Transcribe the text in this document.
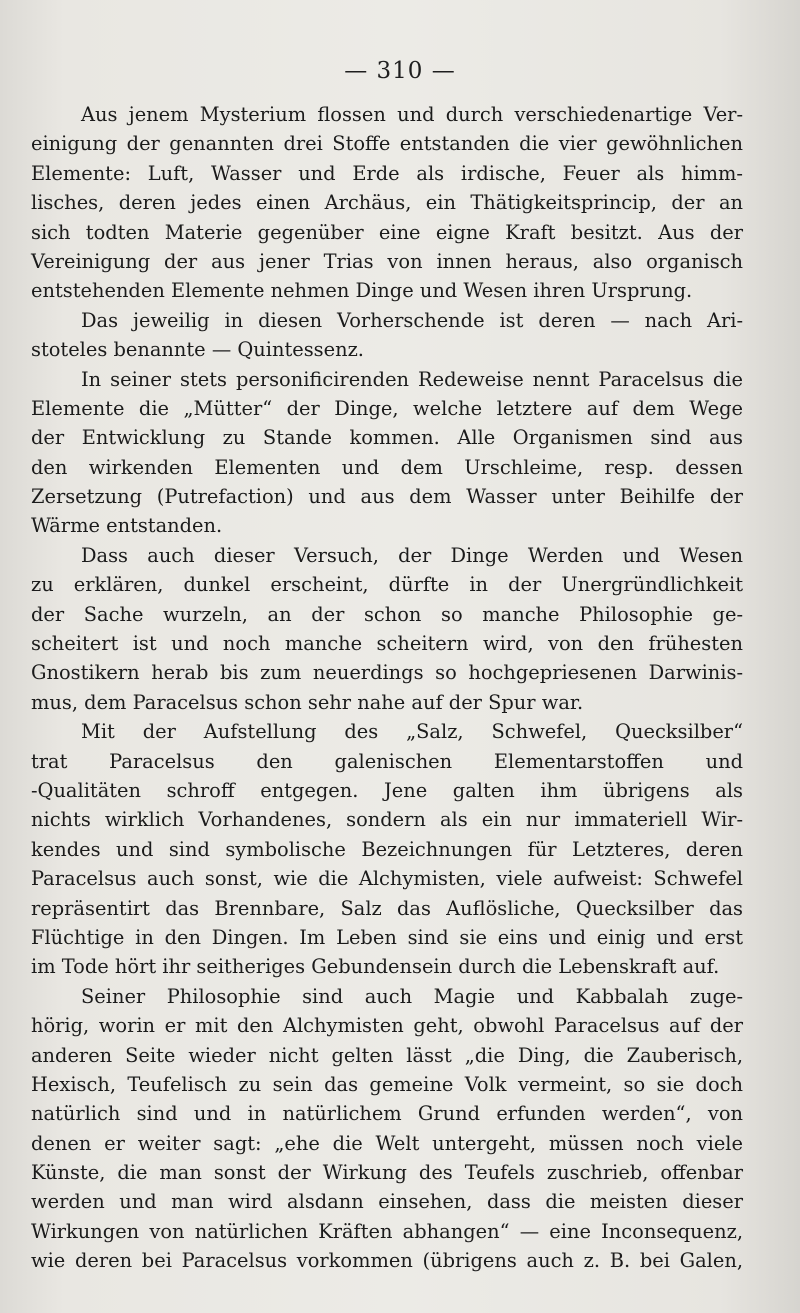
— 310 —
Aus jenem Mysterium flossen und durch verschiedenartige Ver-
einigung der genannten drei Stoffe entstanden die vier gewöhnlichen
Elemente: Luft, Wasser und Erde als irdische, Feuer als himm-
lisches, deren jedes einen Archäus, ein Thätigkeitsprincip, der an
sich todten Materie gegenüber eine eigne Kraft besitzt. Aus der
Vereinigung der aus jener Trias von innen heraus, also organisch
entstehenden Elemente nehmen Dinge und Wesen ihren Ursprung.
Das jeweilig in diesen Vorherschende ist deren — nach Ari-
stoteles benannte — Quintessenz.
In seiner stets personificirenden Redeweise nennt Paracelsus die
Elemente die „Mütter“ der Dinge, welche letztere auf dem Wege
der Entwicklung zu Stande kommen. Alle Organismen sind aus
den wirkenden Elementen und dem Urschleime, resp. dessen
Zersetzung (Putrefaction) und aus dem Wasser unter Beihilfe der
Wärme entstanden.
Dass auch dieser Versuch, der Dinge Werden und Wesen
zu erklären, dunkel erscheint, dürfte in der Unergründlichkeit
der Sache wurzeln, an der schon so manche Philosophie ge-
scheitert ist und noch manche scheitern wird, von den frühesten
Gnostikern herab bis zum neuerdings so hochgepriesenen Darwinis-
mus, dem Paracelsus schon sehr nahe auf der Spur war.
Mit der Aufstellung des „Salz, Schwefel, Quecksilber“
trat Paracelsus den galenischen Elementarstoffen und
-Qualitäten schroff entgegen. Jene galten ihm übrigens als
nichts wirklich Vorhandenes, sondern als ein nur immateriell Wir-
kendes und sind symbolische Bezeichnungen für Letzteres, deren
Paracelsus auch sonst, wie die Alchymisten, viele aufweist: Schwefel
repräsentirt das Brennbare, Salz das Auflösliche, Quecksilber das
Flüchtige in den Dingen. Im Leben sind sie eins und einig und erst
im Tode hört ihr seitheriges Gebundensein durch die Lebenskraft auf.
Seiner Philosophie sind auch Magie und Kabbalah zuge-
hörig, worin er mit den Alchymisten geht, obwohl Paracelsus auf der
anderen Seite wieder nicht gelten lässt „die Ding, die Zauberisch,
Hexisch, Teufelisch zu sein das gemeine Volk vermeint, so sie doch
natürlich sind und in natürlichem Grund erfunden werden“, von
denen er weiter sagt: „ehe die Welt untergeht, müssen noch viele
Künste, die man sonst der Wirkung des Teufels zuschrieb, offenbar
werden und man wird alsdann einsehen, dass die meisten dieser
Wirkungen von natürlichen Kräften abhangen“ — eine Inconsequenz,
wie deren bei Paracelsus vorkommen (übrigens auch z. B. bei Galen,
